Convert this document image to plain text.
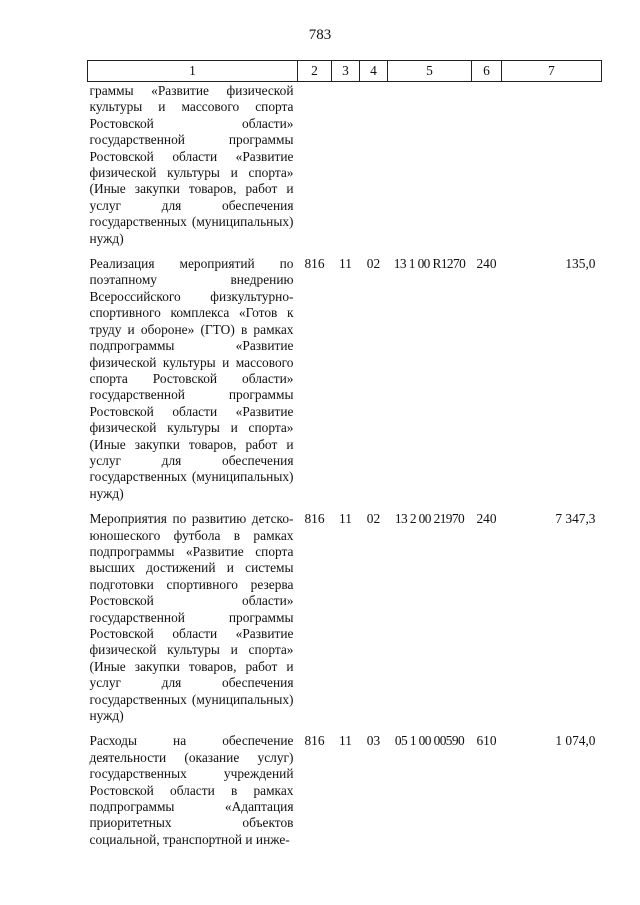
783
1	2	3	4	5	6	7
граммы «Развитие физической культуры и массового спорта Ростовской области» государственной программы Ростовской области «Развитие физической культуры и спорта» (Иные закупки товаров, работ и услуг для обеспечения государственных (муниципальных) нужд)						
Реализация мероприятий по поэтапному внедрению Всероссийского физкультурно-спортивного комплекса «Готов к труду и обороне» (ГТО) в рамках подпрограммы «Развитие физической культуры и массового спорта Ростовской области» государственной программы Ростовской области «Развитие физической культуры и спорта» (Иные закупки товаров, работ и услуг для обеспечения государственных (муниципальных) нужд)	816	11	02	13 1 00 R1270	240	135,0
Мероприятия по развитию детско-юношеского футбола в рамках подпрограммы «Развитие спорта высших достижений и системы подготовки спортивного резерва Ростовской области» государственной программы Ростовской области «Развитие физической культуры и спорта» (Иные закупки товаров, работ и услуг для обеспечения государственных (муниципальных) нужд)	816	11	02	13 2 00 21970	240	7 347,3
Расходы на обеспечение деятельности (оказание услуг) государственных учреждений Ростовской области в рамках подпрограммы «Адаптация приоритетных объектов социальной, транспортной и инже-	816	11	03	05 1 00 00590	610	1 074,0
